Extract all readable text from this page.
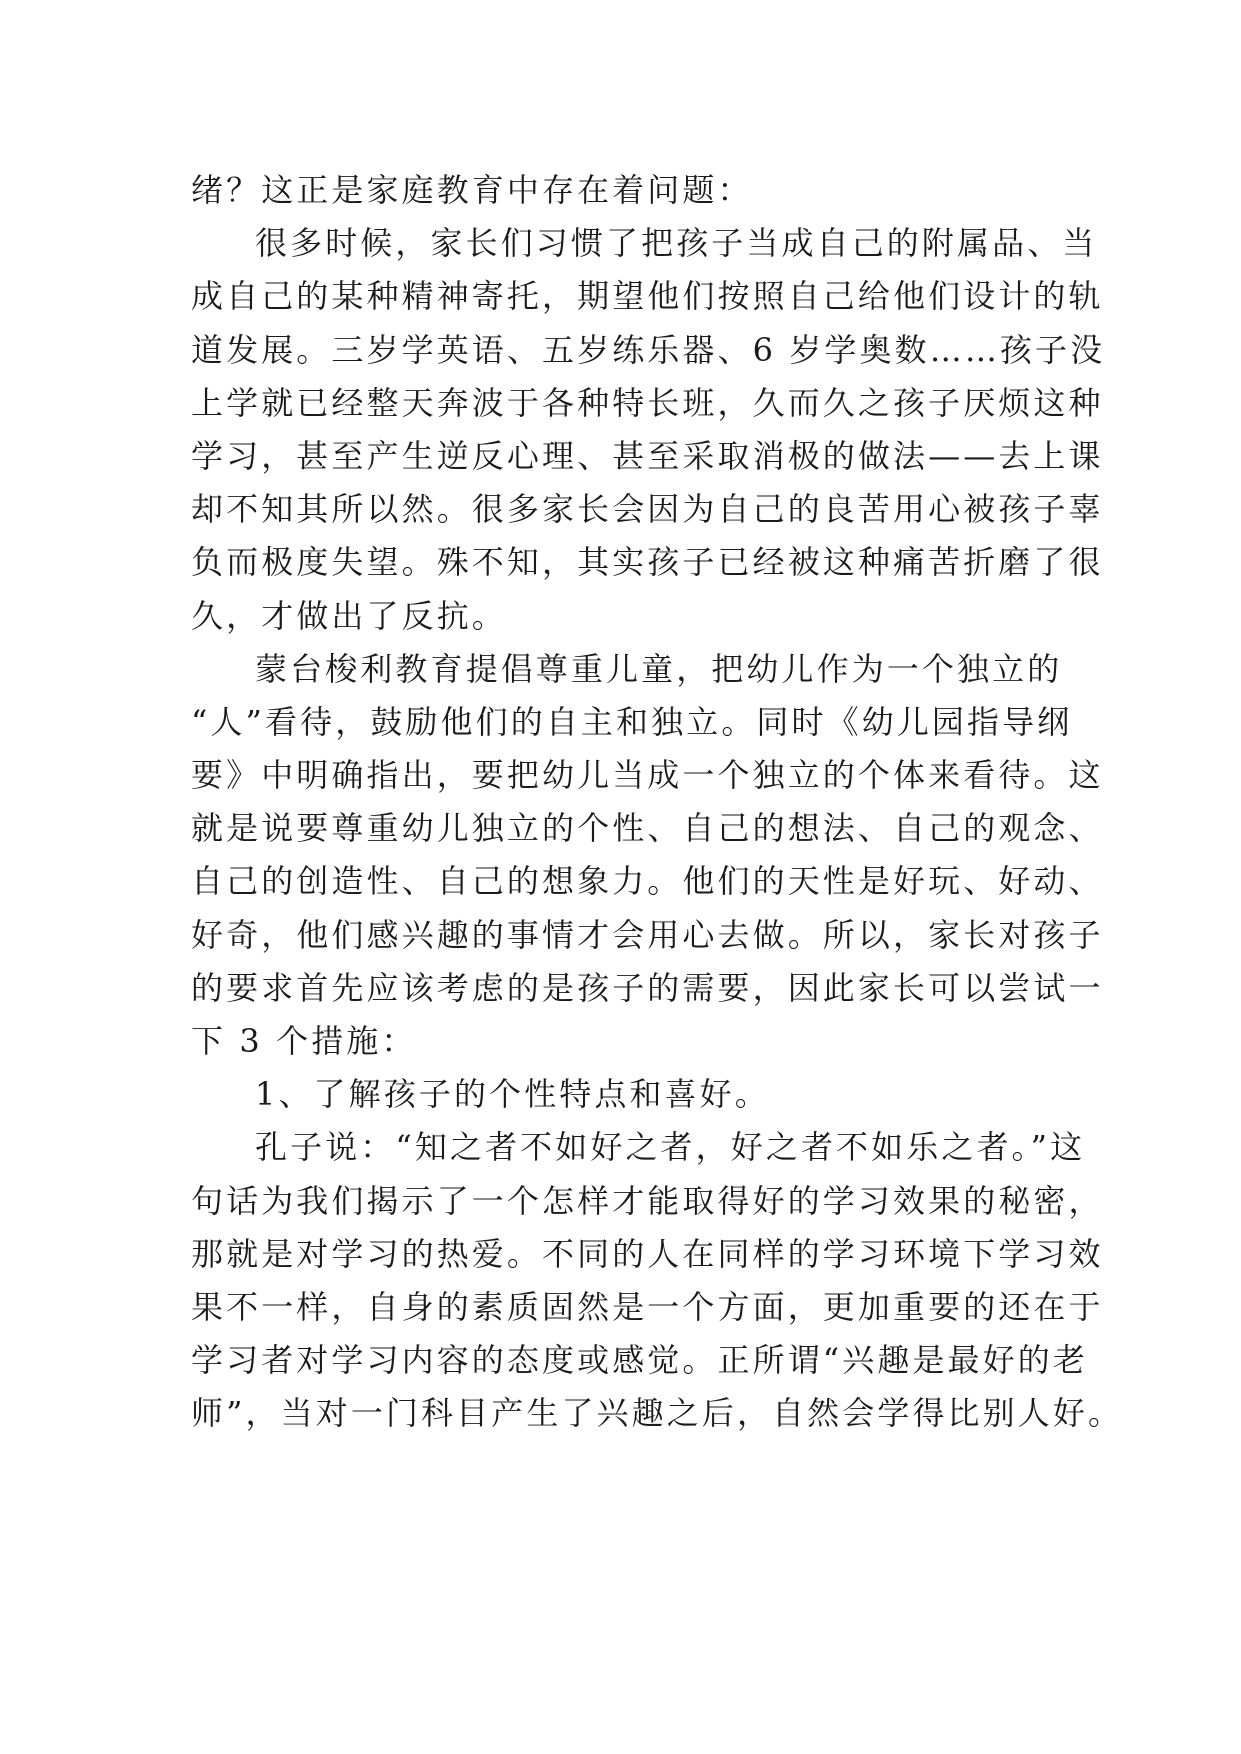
绪？这正是家庭教育中存在着问题：
很多时候，家长们习惯了把孩子当成自己的附属品、当
成自己的某种精神寄托，期望他们按照自己给他们设计的轨
道发展。三岁学英语、五岁练乐器、6 岁学奥数……孩子没
上学就已经整天奔波于各种特长班，久而久之孩子厌烦这种
学习，甚至产生逆反心理、甚至采取消极的做法——去上课
却不知其所以然。很多家长会因为自己的良苦用心被孩子辜
负而极度失望。殊不知，其实孩子已经被这种痛苦折磨了很
久，才做出了反抗。
蒙台梭利教育提倡尊重儿童，把幼儿作为一个独立的
“人”看待，鼓励他们的自主和独立。同时《幼儿园指导纲
要》中明确指出，要把幼儿当成一个独立的个体来看待。这
就是说要尊重幼儿独立的个性、自己的想法、自己的观念、
自己的创造性、自己的想象力。他们的天性是好玩、好动、
好奇，他们感兴趣的事情才会用心去做。所以，家长对孩子
的要求首先应该考虑的是孩子的需要，因此家长可以尝试一
下 3 个措施：
1、了解孩子的个性特点和喜好。
孔子说：“知之者不如好之者，好之者不如乐之者。”这
句话为我们揭示了一个怎样才能取得好的学习效果的秘密，
那就是对学习的热爱。不同的人在同样的学习环境下学习效
果不一样，自身的素质固然是一个方面，更加重要的还在于
学习者对学习内容的态度或感觉。正所谓“兴趣是最好的老
师”，当对一门科目产生了兴趣之后，自然会学得比别人好。
